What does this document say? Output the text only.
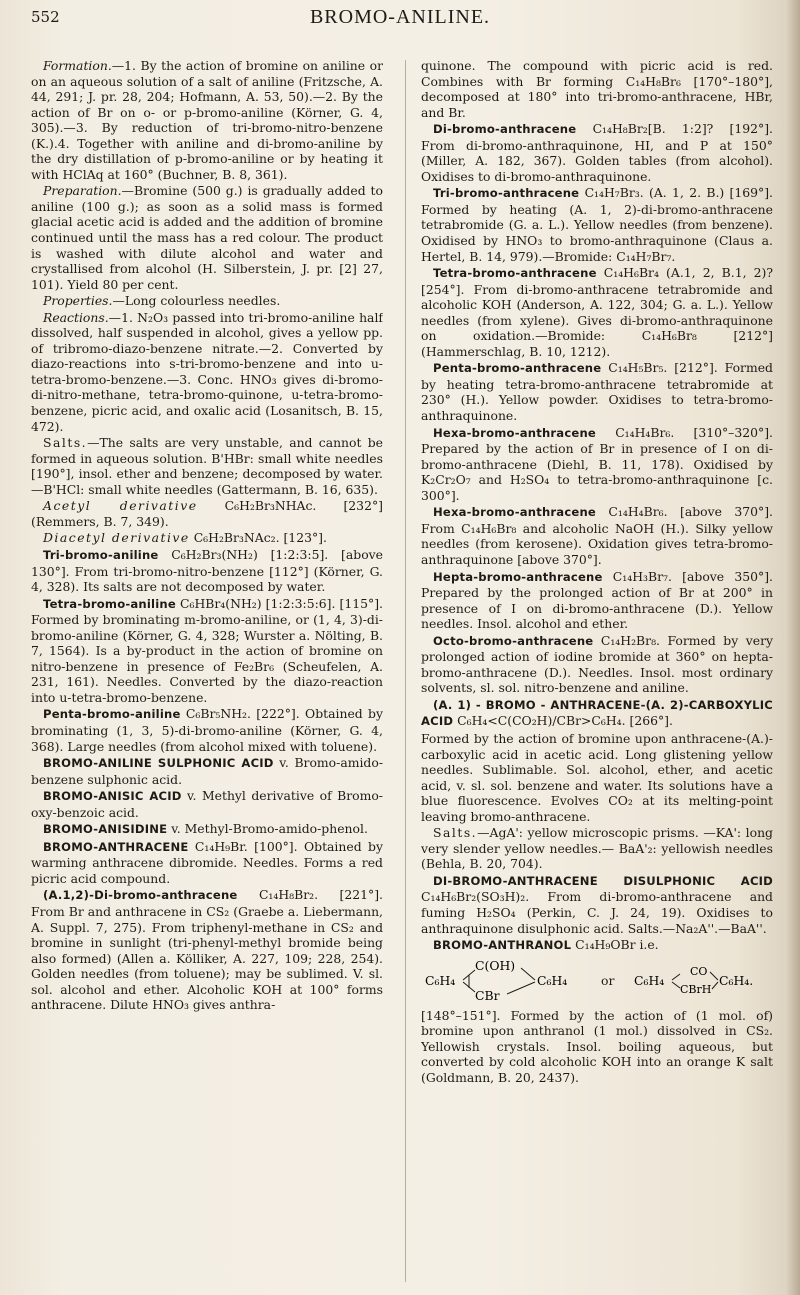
552	BROMO-ANILINE.

Formation.—1. By the action of bromine on aniline or on an aqueous solution of a salt of aniline (Fritzsche, A. 44, 291; J. pr. 28, 204; Hofmann, A. 53, 50).—2. By the action of Br on o- or p-bromo-aniline (Körner, G. 4, 305).—3. By reduction of tri-bromo-nitro-benzene (K.).4. Together with aniline and di-bromo-aniline by the dry distillation of p-bromo-aniline or by heating it with HClAq at 160° (Buchner, B. 8, 361).

Preparation.—Bromine (500 g.) is gradually added to aniline (100 g.); as soon as a solid mass is formed glacial acetic acid is added and the addition of bromine continued until the mass has a red colour. The product is washed with dilute alcohol and water and crystallised from alcohol (H. Silberstein, J. pr. [2] 27, 101). Yield 80 per cent.

Properties.—Long colourless needles.

Reactions.—1. N₂O₃ passed into tri-bromo-aniline half dissolved, half suspended in alcohol, gives a yellow pp. of tribromo-diazo-benzene nitrate.—2. Converted by diazo-reactions into s-tri-bromo-benzene and into u-tetra-bromo-benzene.—3. Conc. HNO₃ gives di-bromo-di-nitro-methane, tetra-bromo-quinone, u-tetra-bromo-benzene, picric acid, and oxalic acid (Losanitsch, B. 15, 472).

Salts.—The salts are very unstable, and cannot be formed in aqueous solution. B'HBr: small white needles [190°], insol. ether and benzene; decomposed by water.—B'HCl: small white needles (Gattermann, B. 16, 635).

Acetyl derivative C₆H₂Br₃NHAc. [232°] (Remmers, B. 7, 349).

Diacetyl derivative C₆H₂Br₃NAc₂. [123°].

Tri-bromo-aniline C₆H₂Br₃(NH₂) [1:2:3:5]. [above 130°]. From tri-bromo-nitro-benzene [112°] (Körner, G. 4, 328). Its salts are not decomposed by water.

Tetra-bromo-aniline C₆HBr₄(NH₂) [1:2:3:5:6]. [115°]. Formed by brominating m-bromo-aniline, or (1, 4, 3)-di-bromo-aniline (Körner, G. 4, 328; Wurster a. Nölting, B. 7, 1564). Is a by-product in the action of bromine on nitro-benzene in presence of Fe₂Br₆ (Scheufelen, A. 231, 161). Needles. Converted by the diazo-reaction into u-tetra-bromo-benzene.

Penta-bromo-aniline C₆Br₅NH₂. [222°]. Obtained by brominating (1, 3, 5)-di-bromo-aniline (Körner, G. 4, 368). Large needles (from alcohol mixed with toluene).

BROMO-ANILINE SULPHONIC ACID v. Bromo-amido-benzene sulphonic acid.

BROMO-ANISIC ACID v. Methyl derivative of Bromo-oxy-benzoic acid.

BROMO-ANISIDINE v. Methyl-Bromo-amido-phenol.

BROMO-ANTHRACENE C₁₄H₉Br. [100°]. Obtained by warming anthracene dibromide. Needles. Forms a red picric acid compound.

(A.1,2)-Di-bromo-anthracene C₁₄H₈Br₂. [221°]. From Br and anthracene in CS₂ (Graebe a. Liebermann, A. Suppl. 7, 275). From triphenyl-methane in CS₂ and bromine in sunlight (tri-phenyl-methyl bromide being also formed) (Allen a. Kölliker, A. 227, 109; 228, 254). Golden needles (from toluene); may be sublimed. V. sl. sol. alcohol and ether. Alcoholic KOH at 100° forms anthracene. Dilute HNO₃ gives anthra-

quinone. The compound with picric acid is red. Combines with Br forming C₁₄H₈Br₆ [170°–180°], decomposed at 180° into tri-bromo-anthracene, HBr, and Br.

Di-bromo-anthracene C₁₄H₈Br₂[B. 1:2]? [192°]. From di-bromo-anthraquinone, HI, and P at 150° (Miller, A. 182, 367). Golden tables (from alcohol). Oxidises to di-bromo-anthraquinone.

Tri-bromo-anthracene C₁₄H₇Br₃. (A. 1, 2. B.) [169°]. Formed by heating (A. 1, 2)-di-bromo-anthracene tetrabromide (G. a. L.). Yellow needles (from benzene). Oxidised by HNO₃ to bromo-anthraquinone (Claus a. Hertel, B. 14, 979).—Bromide: C₁₄H₇Br₇.

Tetra-bromo-anthracene C₁₄H₆Br₄ (A.1, 2, B.1, 2)? [254°]. From di-bromo-anthracene tetrabromide and alcoholic KOH (Anderson, A. 122, 304; G. a. L.). Yellow needles (from xylene). Gives di-bromo-anthraquinone on oxidation.—Bromide: C₁₄H₆Br₈ [212°] (Hammerschlag, B. 10, 1212).

Penta-bromo-anthracene C₁₄H₅Br₅. [212°]. Formed by heating tetra-bromo-anthracene tetrabromide at 230° (H.). Yellow powder. Oxidises to tetra-bromo-anthraquinone.

Hexa-bromo-anthracene C₁₄H₄Br₆. [310°–320°]. Prepared by the action of Br in presence of I on di-bromo-anthracene (Diehl, B. 11, 178). Oxidised by K₂Cr₂O₇ and H₂SO₄ to tetra-bromo-anthraquinone [c. 300°].

Hexa-bromo-anthracene C₁₄H₄Br₆. [above 370°]. From C₁₄H₆Br₈ and alcoholic NaOH (H.). Silky yellow needles (from kerosene). Oxidation gives tetra-bromo-anthraquinone [above 370°].

Hepta-bromo-anthracene C₁₄H₃Br₇. [above 350°]. Prepared by the prolonged action of Br at 200° in presence of I on di-bromo-anthracene (D.). Yellow needles. Insol. alcohol and ether.

Octo-bromo-anthracene C₁₄H₂Br₈. Formed by very prolonged action of iodine bromide at 360° on hepta-bromo-anthracene (D.). Needles. Insol. most ordinary solvents, sl. sol. nitro-benzene and aniline.

(A. 1) - BROMO - ANTHRACENE-(A. 2)-CARBOXYLIC ACID C₆H₄<C(CO₂H)/CBr>C₆H₄. [266°].

Formed by the action of bromine upon anthracene-(A.)-carboxylic acid in acetic acid. Long glistening yellow needles. Sublimable. Sol. alcohol, ether, and acetic acid, v. sl. sol. benzene and water. Its solutions have a blue fluorescence. Evolves CO₂ at its melting-point leaving bromo-anthracene.

Salts.—AgA': yellow microscopic prisms. —KA': long very slender yellow needles.— BaA'₂: yellowish needles (Behla, B. 20, 704).

DI-BROMO-ANTHRACENE DISULPHONIC ACID C₁₄H₆Br₂(SO₃H)₂. From di-bromo-anthracene and fuming H₂SO₄ (Perkin, C. J. 24, 19). Oxidises to anthraquinone disulphonic acid. Salts.—Na₂A''.—BaA''.

BROMO-ANTHRANOL C₁₄H₉OBr i.e.

C₆H₄
C(OH)
CBr
C₆H₄	or C₆H₄
CO
CBrH
C₆H₄.

[148°–151°]. Formed by the action of (1 mol. of) bromine upon anthranol (1 mol.) dissolved in CS₂. Yellowish crystals. Insol. boiling aqueous, but converted by cold alcoholic KOH into an orange K salt (Goldmann, B. 20, 2437).
